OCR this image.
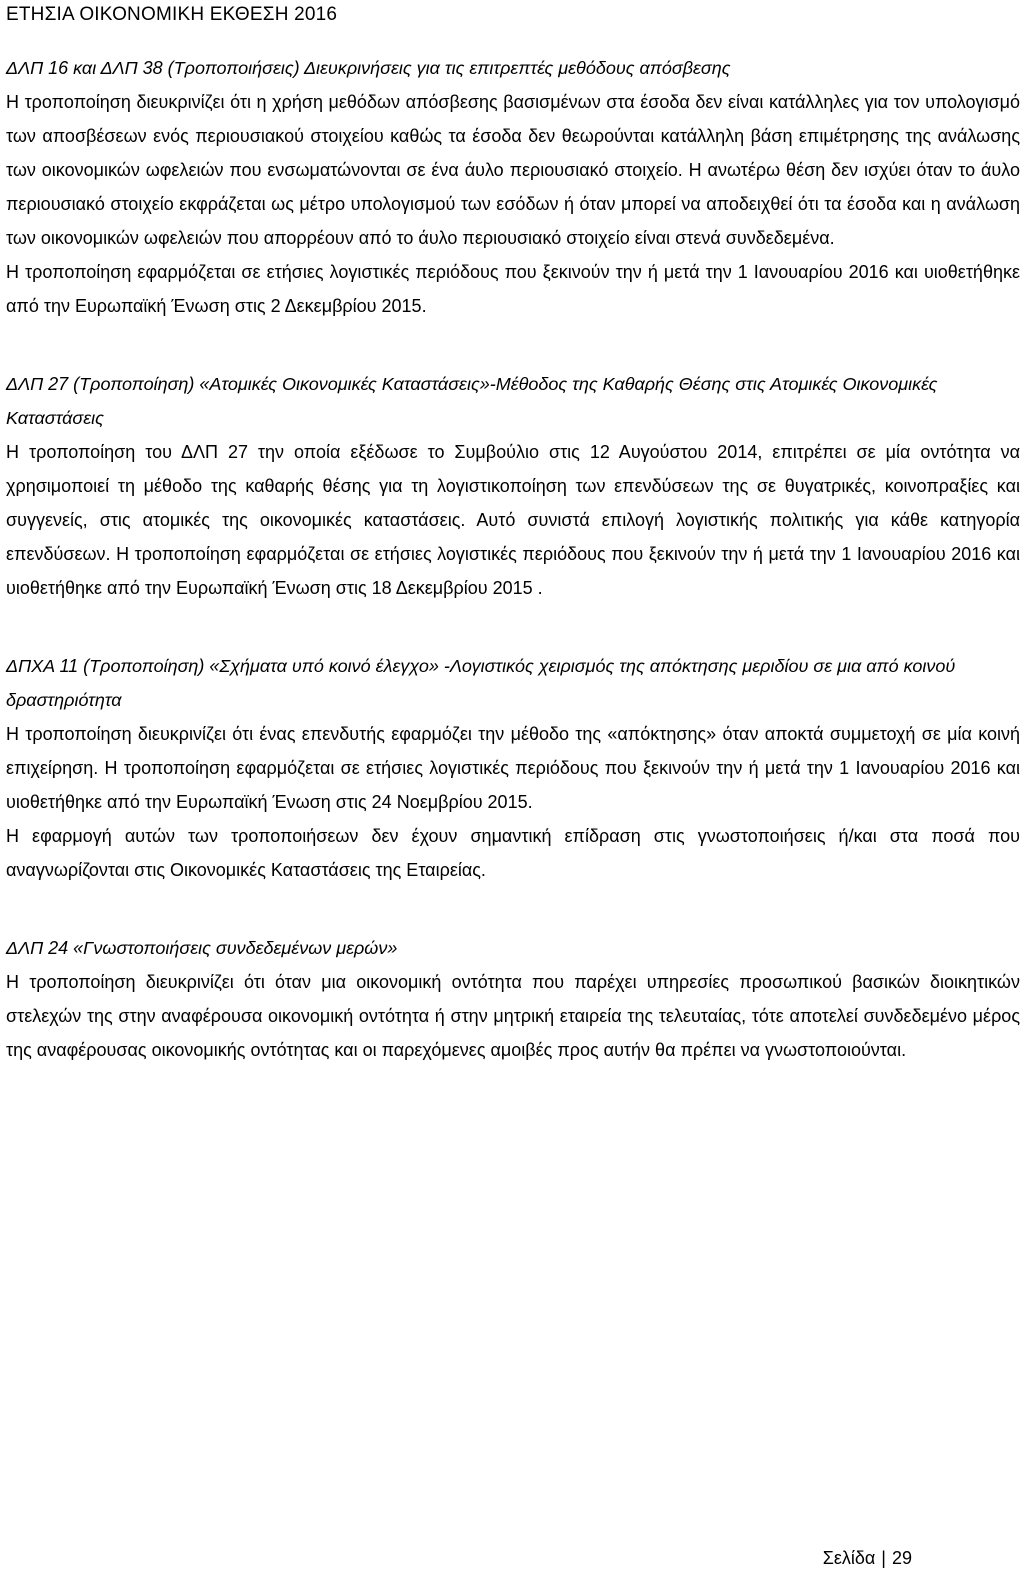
ΕΤΗΣΙΑ ΟΙΚΟΝΟΜΙΚΗ ΕΚΘΕΣΗ 2016

ΔΛΠ 16 και ΔΛΠ 38 (Τροποποιήσεις) Διευκρινήσεις για τις επιτρεπτές μεθόδους απόσβεσης

Η τροποποίηση διευκρινίζει ότι η χρήση μεθόδων απόσβεσης βασισμένων στα έσοδα δεν είναι κατάλληλες για τον υπολογισμό των αποσβέσεων ενός περιουσιακού στοιχείου καθώς τα έσοδα δεν θεωρούνται κατάλληλη βάση επιμέτρησης της ανάλωσης των οικονομικών ωφελειών που ενσωματώνονται σε ένα άυλο περιουσιακό στοιχείο. Η ανωτέρω θέση δεν ισχύει όταν το άυλο περιουσιακό στοιχείο εκφράζεται ως μέτρο υπολογισμού των εσόδων ή όταν μπορεί να αποδειχθεί ότι τα έσοδα και η ανάλωση των οικονομικών ωφελειών που απορρέουν από το άυλο περιουσιακό στοιχείο είναι στενά συνδεδεμένα.

Η τροποποίηση εφαρμόζεται σε ετήσιες λογιστικές περιόδους που ξεκινούν την ή μετά την 1 Ιανουαρίου 2016 και υιοθετήθηκε από την Ευρωπαϊκή Ένωση στις 2 Δεκεμβρίου 2015.

ΔΛΠ 27 (Τροποποίηση) «Ατομικές Οικονομικές Καταστάσεις»-Μέθοδος της Καθαρής Θέσης στις Ατομικές Οικονομικές Καταστάσεις

Η τροποποίηση του ΔΛΠ 27 την οποία εξέδωσε το Συμβούλιο στις 12 Αυγούστου 2014, επιτρέπει σε μία οντότητα να χρησιμοποιεί τη μέθοδο της καθαρής θέσης για τη λογιστικοποίηση των επενδύσεων της σε θυγατρικές, κοινοπραξίες και συγγενείς, στις ατομικές της οικονομικές καταστάσεις. Αυτό συνιστά επιλογή λογιστικής πολιτικής για κάθε κατηγορία επενδύσεων. Η τροποποίηση εφαρμόζεται σε ετήσιες λογιστικές περιόδους που ξεκινούν την ή μετά την 1 Ιανουαρίου 2016 και υιοθετήθηκε από την Ευρωπαϊκή Ένωση στις 18 Δεκεμβρίου 2015 .

ΔΠΧΑ 11 (Τροποποίηση) «Σχήματα υπό κοινό έλεγχο» -Λογιστικός χειρισμός της απόκτησης μεριδίου σε μια από κοινού δραστηριότητα

Η τροποποίηση διευκρινίζει ότι ένας επενδυτής εφαρμόζει την μέθοδο της «απόκτησης» όταν αποκτά συμμετοχή σε μία κοινή επιχείρηση. Η τροποποίηση εφαρμόζεται σε ετήσιες λογιστικές περιόδους που ξεκινούν την ή μετά την 1 Ιανουαρίου 2016 και υιοθετήθηκε από την Ευρωπαϊκή Ένωση στις 24 Νοεμβρίου 2015.

Η εφαρμογή αυτών των τροποποιήσεων δεν έχουν σημαντική επίδραση στις γνωστοποιήσεις ή/και στα ποσά που αναγνωρίζονται στις Οικονομικές Καταστάσεις της Εταιρείας.

ΔΛΠ 24 «Γνωστοποιήσεις συνδεδεμένων μερών»

Η τροποποίηση διευκρινίζει ότι όταν μια οικονομική οντότητα που παρέχει υπηρεσίες προσωπικού βασικών διοικητικών στελεχών της στην αναφέρουσα οικονομική οντότητα ή στην μητρική εταιρεία της τελευταίας, τότε αποτελεί συνδεδεμένο μέρος της αναφέρουσας οικονομικής οντότητας και οι παρεχόμενες αμοιβές προς αυτήν θα πρέπει να γνωστοποιούνται.

Σελίδα | 29
